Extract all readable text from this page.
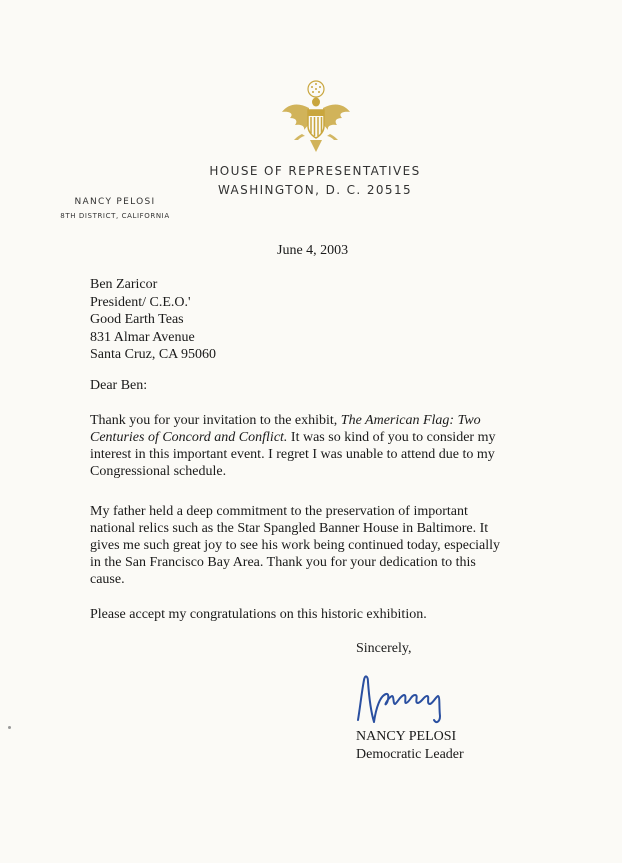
HOUSE OF REPRESENTATIVES
WASHINGTON, D. C. 20515
NANCY PELOSI
8TH DISTRICT, CALIFORNIA
June 4, 2003
Ben Zaricor
President/ C.E.O.'
Good Earth Teas
831 Almar Avenue
Santa Cruz, CA 95060
Dear Ben:
Thank you for your invitation to the exhibit, The American Flag: Two
Centuries of Concord and Conflict. It was so kind of you to consider my
interest in this important event. I regret I was unable to attend due to my
Congressional schedule.
My father held a deep commitment to the preservation of important
national relics such as the Star Spangled Banner House in Baltimore. It
gives me such great joy to see his work being continued today, especially
in the San Francisco Bay Area. Thank you for your dedication to this
cause.
Please accept my congratulations on this historic exhibition.
Sincerely,
NANCY PELOSI
Democratic Leader
